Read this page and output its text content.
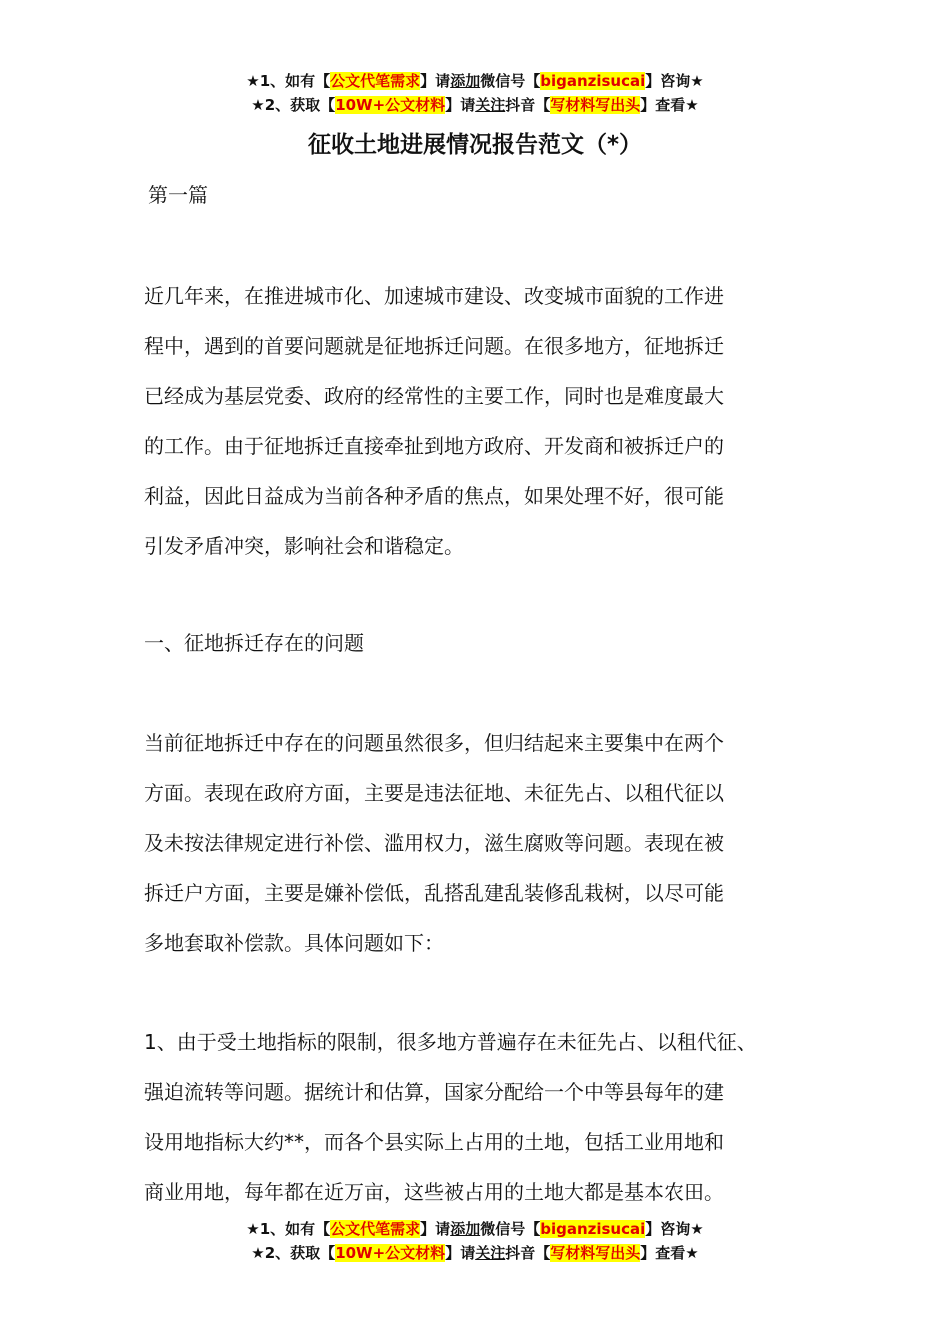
★1、如有【公文代笔需求】请添加微信号【biganzisucai】咨询★
★2、获取【10W+公文材料】请关注抖音【写材料写出头】查看★
征收土地进展情况报告范文（*）
第一篇
近几年来，在推进城市化、加速城市建设、改变城市面貌的工作进
程中，遇到的首要问题就是征地拆迁问题。在很多地方，征地拆迁
已经成为基层党委、政府的经常性的主要工作，同时也是难度最大
的工作。由于征地拆迁直接牵扯到地方政府、开发商和被拆迁户的
利益，因此日益成为当前各种矛盾的焦点，如果处理不好，很可能
引发矛盾冲突，影响社会和谐稳定。
一、征地拆迁存在的问题
当前征地拆迁中存在的问题虽然很多，但归结起来主要集中在两个
方面。表现在政府方面，主要是违法征地、未征先占、以租代征以
及未按法律规定进行补偿、滥用权力，滋生腐败等问题。表现在被
拆迁户方面，主要是嫌补偿低，乱搭乱建乱装修乱栽树，以尽可能
多地套取补偿款。具体问题如下：
1、由于受土地指标的限制，很多地方普遍存在未征先占、以租代征、
强迫流转等问题。据统计和估算，国家分配给一个中等县每年的建
设用地指标大约**，而各个县实际上占用的土地，包括工业用地和
商业用地，每年都在近万亩，这些被占用的土地大都是基本农田。
★1、如有【公文代笔需求】请添加微信号【biganzisucai】咨询★
★2、获取【10W+公文材料】请关注抖音【写材料写出头】查看★
